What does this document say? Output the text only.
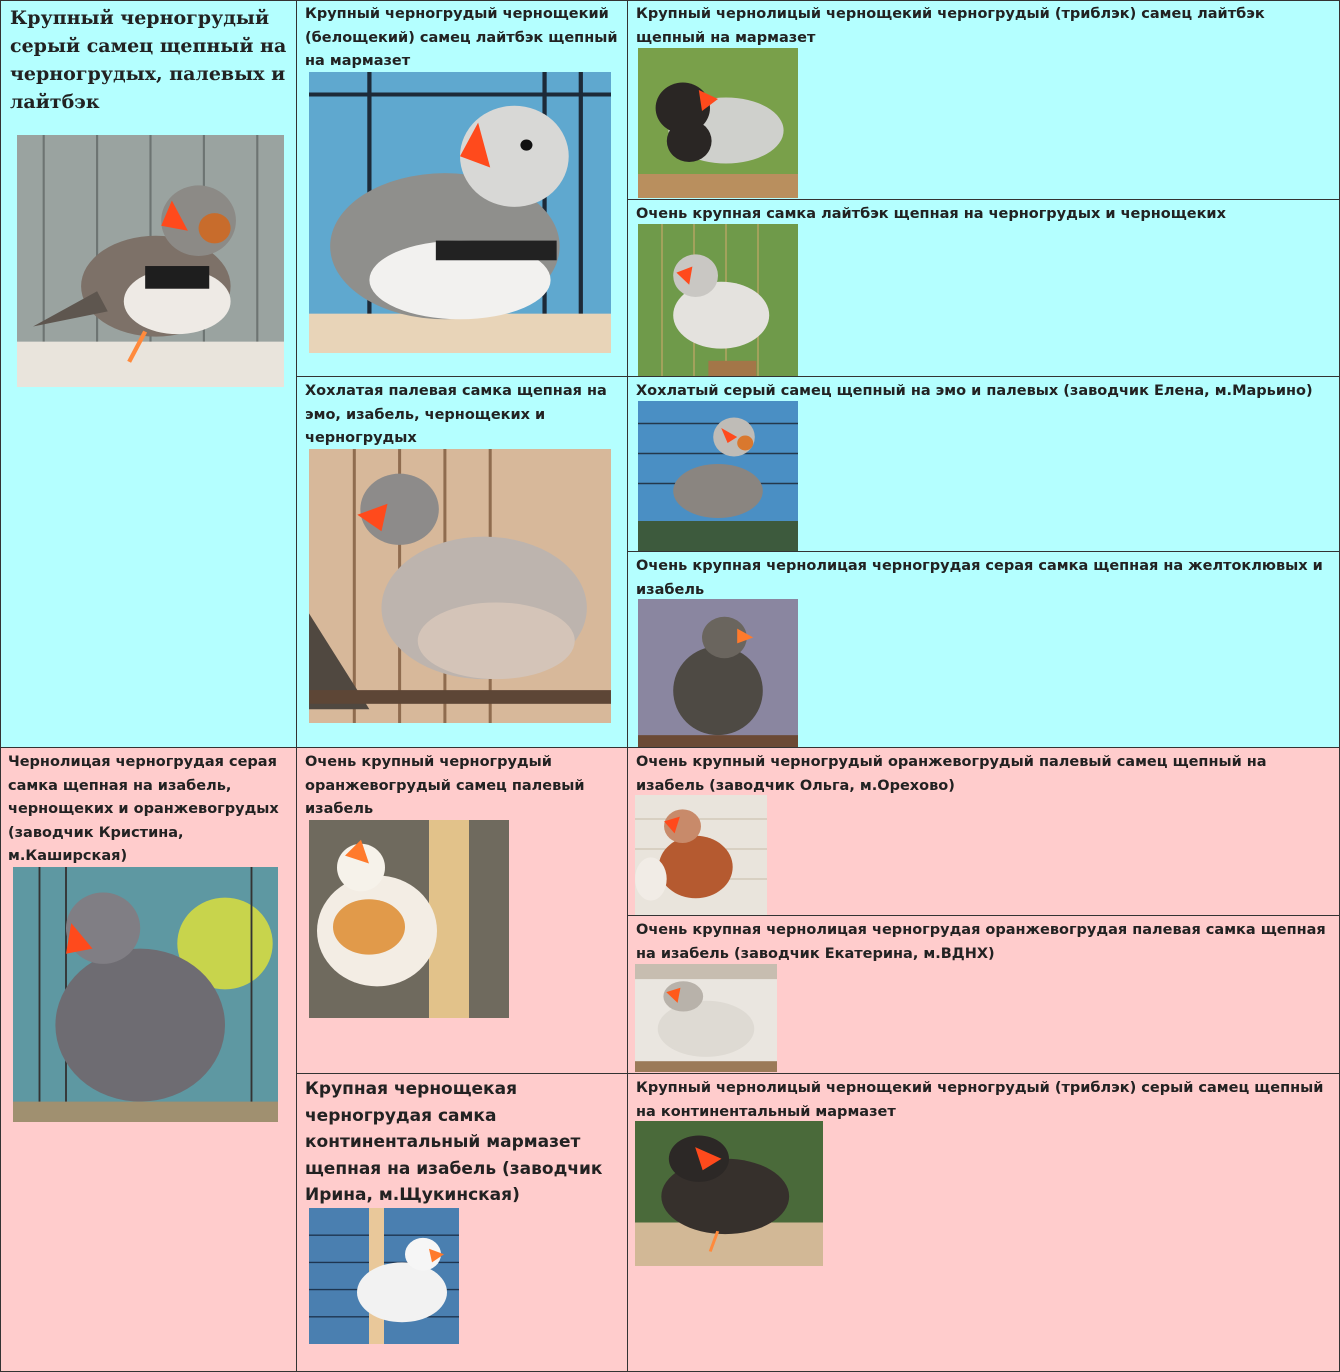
Крупный черногрудый серый самец щепный на черногрудых, палевых и лайтбэк
Крупный черногрудый чернощекий (белощекий) самец лайтбэк щепный на мармазет
Крупный чернолицый чернощекий черногрудый (триблэк) самец лайтбэк щепный на мармазет
Очень крупная самка лайтбэк щепная на черногрудых и чернощеких
Хохлатая палевая самка щепная на эмо, изабель, чернощеких и черногрудых
Хохлатый серый самец щепный на эмо и палевых (заводчик Елена, м.Марьино)
Очень крупная чернолицая черногрудая серая самка щепная на желтоклювых и изабель
Чернолицая черногрудая серая самка щепная на изабель, чернощеких и оранжевогрудых (заводчик Кристина, м.Каширская)
Очень крупный черногрудый оранжевогрудый самец палевый изабель
Очень крупный черногрудый оранжевогрудый палевый самец щепный на изабель (заводчик Ольга, м.Орехово)
Очень крупная чернолицая черногрудая оранжевогрудая палевая самка щепная на изабель (заводчик Екатерина, м.ВДНХ)
Крупная чернощекая черногрудая самка континентальный мармазет щепная на изабель (заводчик Ирина, м.Щукинская)
Крупный чернолицый чернощекий черногрудый (триблэк) серый самец щепный на континентальный мармазет
